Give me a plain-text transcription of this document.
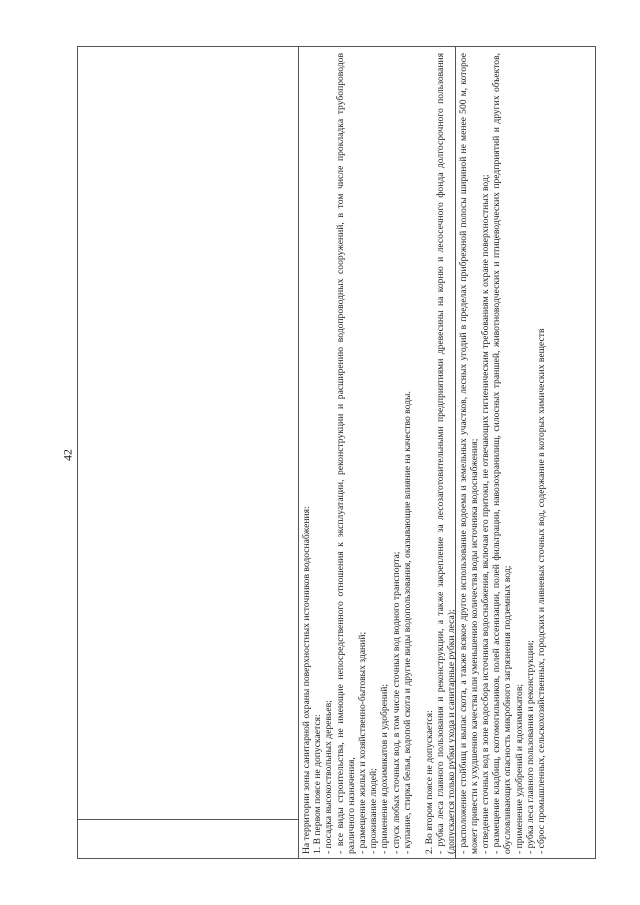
42

На территории зоны санитарной охраны поверхностных источников водоснабжения: 1. В первом поясе не допускается: - посадка высокоствольных деревьев; - все виды строительства, не имеющие непосредственного отношения к эксплуатации, реконструкции и расширению водопроводных сооружений, в том числе прокладка трубопроводов различного назначения, - размещение жилых и хозяйственно-бытовых зданий; - проживание людей; - применение ядохимикатов и удобрений; - спуск любых сточных вод, в том числе сточных вод водного транспорта; - купание, стирка белья, водопой скота и другие виды водопользования, оказывающие влияние на качество воды. 2. Во втором поясе не допускается: - рубка леса главного пользования и реконструкции, а также закрепление за лесозаготовительными предприятиями древесины на корню и лесосечного фонда долгосрочного пользования (допускается только рубки ухода и санитарные рубки леса); - расположение стойбищ и выпас скота, а также всякое другое использование водоема и земельных участков, лесных угодий в пределах прибрежной полосы шириной не менее 500 м, которое может привести к ухудшению качества или уменьшению количества воды источника водоснабжения; - отведение сточных вод в зоне водосбора источника водоснабжения, включая его притоки, не отвечающих гигиеническим требованиям к охране поверхностных вод; - размещение кладбищ, скотомогильников, полей ассенизации, полей фильтрации, навозохранилищ, силосных траншей, животноводческих и птицеводческих предприятий и других объектов, обусловливающих опасность микробного загрязнения подземных вод; - применение удобрений и ядохимикатов; - рубка леса главного пользования и реконструкции; - сброс промышленных, сельскохозяйственных, городских и ливневых сточных вод, содержание в которых химических веществ
